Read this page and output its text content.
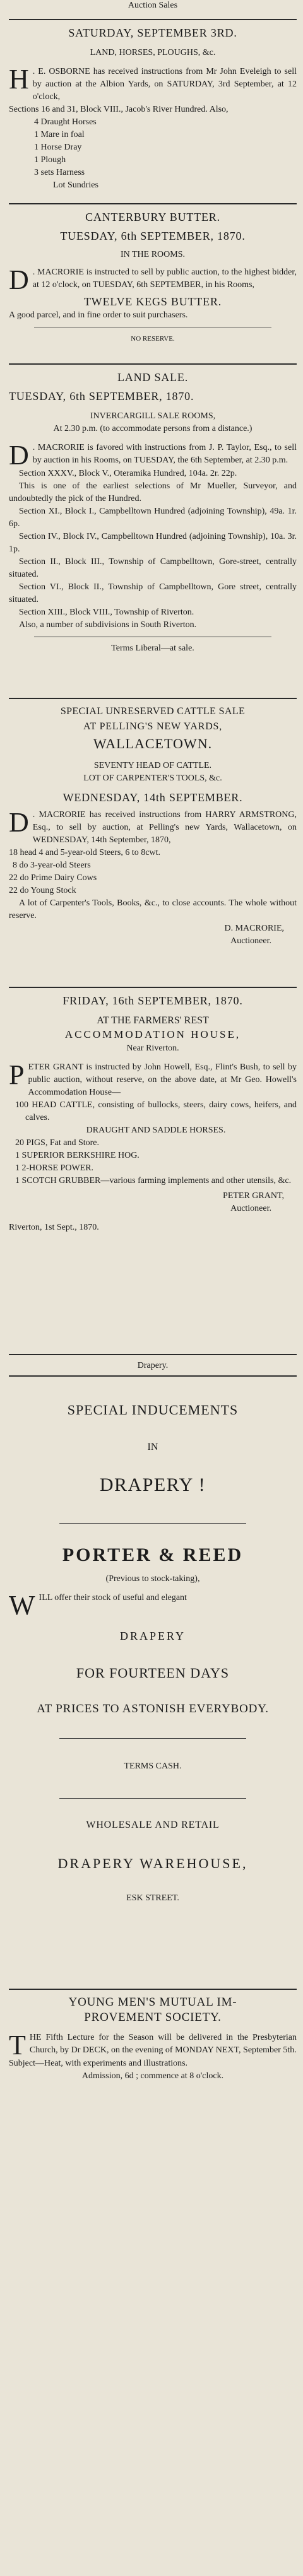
Auction Sales

SATURDAY, SEPTEMBER 3RD.

LAND, HORSES, PLOUGHS, &c.

H . E. OSBORNE has received instructions from Mr John Eveleigh to sell by auction at the Albion Yards, on SATURDAY, 3rd September, at 12 o'clock,

Sections 16 and 31, Block VIII., Jacob's River Hundred. Also,

4 Draught Horses

1 Mare in foal

1 Horse Dray

1 Plough

3 sets Harness

Lot Sundries

CANTERBURY BUTTER.

TUESDAY, 6th SEPTEMBER, 1870.

IN THE ROOMS.

D . MACRORIE is instructed to sell by public auction, to the highest bidder, at 12 o'clock, on TUESDAY, 6th SEPTEMBER, in his Rooms,

TWELVE KEGS BUTTER.

A good parcel, and in fine order to suit purchasers.

NO RESERVE.

LAND SALE.

TUESDAY, 6th SEPTEMBER, 1870.

INVERCARGILL SALE ROOMS,

At 2.30 p.m. (to accommodate persons from a distance.)

D . MACRORIE is favored with instructions from J. P. Taylor, Esq., to sell by auction in his Rooms, on TUESDAY, the 6th September, at 2.30 p.m.

Section XXXV., Block V., Oteramika Hundred, 104a. 2r. 22p.

This is one of the earliest selections of Mr Mueller, Surveyor, and undoubtedly the pick of the Hundred.

Section XI., Block I., Campbelltown Hundred (adjoining Township), 49a. 1r. 6p.

Section IV., Block IV., Campbelltown Hundred (adjoining Township), 10a. 3r. 1p.

Section II., Block III., Township of Campbelltown, Gore-street, centrally situated.

Section VI., Block II., Township of Campbelltown, Gore street, centrally situated.

Section XIII., Block VIII., Township of Riverton.

Also, a number of subdivisions in South Riverton.

Terms Liberal—at sale.

SPECIAL UNRESERVED CATTLE SALE

AT PELLING'S NEW YARDS,

WALLACETOWN.

SEVENTY HEAD OF CATTLE.

LOT OF CARPENTER'S TOOLS, &c.

WEDNESDAY, 14th SEPTEMBER.

D . MACRORIE has received instructions from HARRY ARMSTRONG, Esq., to sell by auction, at Pelling's new Yards, Wallacetown, on WEDNESDAY, 14th September, 1870,

18 head 4 and 5-year-old Steers, 6 to 8cwt.

8 do 3-year-old Steers

22 do Prime Dairy Cows

22 do Young Stock

A lot of Carpenter's Tools, Books, &c., to close accounts. The whole without reserve.

D. MACRORIE,

Auctioneer.

FRIDAY, 16th SEPTEMBER, 1870.

AT THE FARMERS' REST

ACCOMMODATION HOUSE,

Near Riverton.

P ETER GRANT is instructed by John Howell, Esq., Flint's Bush, to sell by public auction, without reserve, on the above date, at Mr Geo. Howell's Accommodation House—

100 HEAD CATTLE, consisting of bullocks, steers, dairy cows, heifers, and calves.

DRAUGHT AND SADDLE HORSES.

20 PIGS, Fat and Store.

1 SUPERIOR BERKSHIRE HOG.

1 2-HORSE POWER.

1 SCOTCH GRUBBER—various farming implements and other utensils, &c.

PETER GRANT,

Auctioneer.

Riverton, 1st Sept., 1870.

Drapery.

SPECIAL INDUCEMENTS

IN

DRAPERY !

PORTER & REED

(Previous to stock-taking),

W ILL offer their stock of useful and elegant

DRAPERY

FOR FOURTEEN DAYS

AT PRICES TO ASTONISH EVERYBODY.

TERMS CASH.

WHOLESALE AND RETAIL

DRAPERY WAREHOUSE,

ESK STREET.

YOUNG MEN'S MUTUAL IM-

PROVEMENT SOCIETY.

T HE Fifth Lecture for the Season will be delivered in the Presbyterian Church, by Dr DECK, on the evening of MONDAY NEXT, September 5th.

Subject—Heat, with experiments and illustrations.

Admission, 6d ; commence at 8 o'clock.
